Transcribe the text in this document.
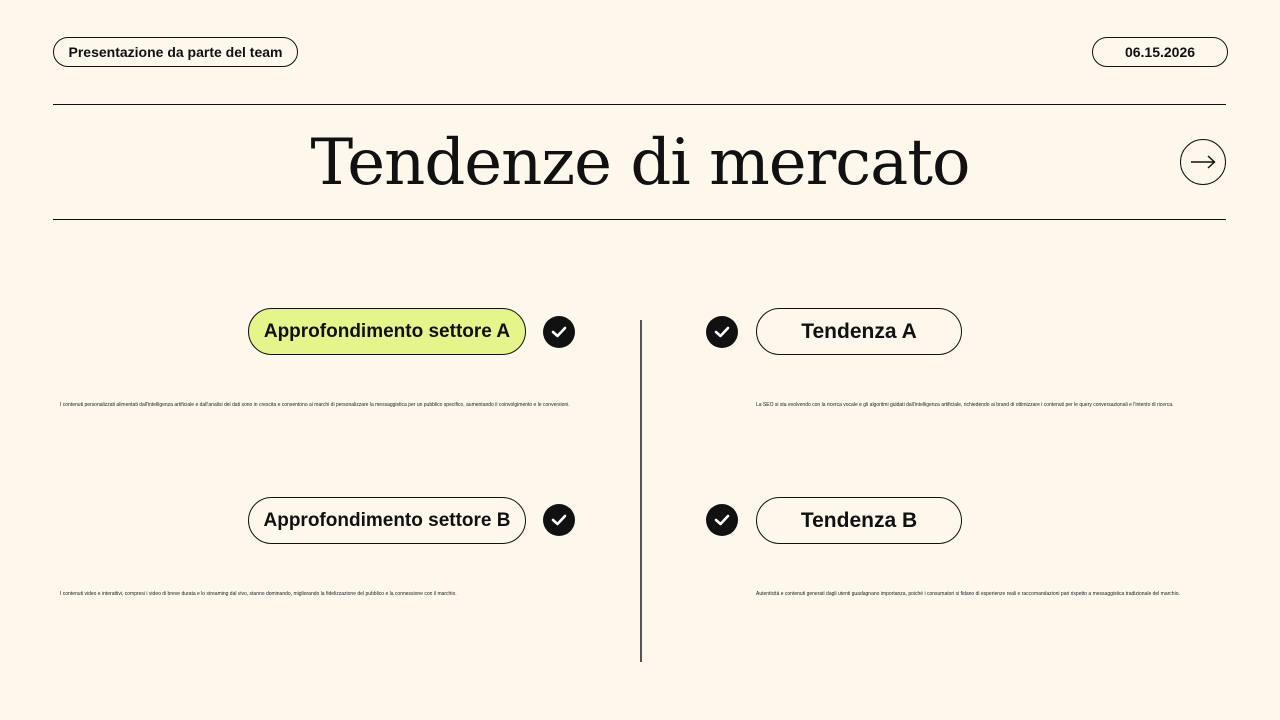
Presentazione da parte del team	06.15.2026
Tendenze di mercato
Approfondimento settore A

I contenuti personalizzati alimentati dall'intelligenza artificiale e dall'analisi dei dati sono in crescita e consentono ai marchi di personalizzare la messaggistica per un pubblico specifico, aumentando il coinvolgimento e le conversioni.

Approfondimento settore B

I contenuti video e interattivi, compresi i video di breve durata e lo streaming dal vivo, stanno dominando, migliorando la fidelizzazione del pubblico e la connessione con il marchio.

Tendenza A

La SEO si sta evolvendo con la ricerca vocale e gli algoritmi guidati dall'intelligenza artificiale, richiedendo ai brand di ottimizzare i contenuti per le query conversazionali e l'intento di ricerca.

Tendenza B

Autenticità e contenuti generati dagli utenti guadagnano importanza, poiché i consumatori si fidano di esperienze reali e raccomandazioni pari rispetto a messaggistica tradizionale del marchio.
